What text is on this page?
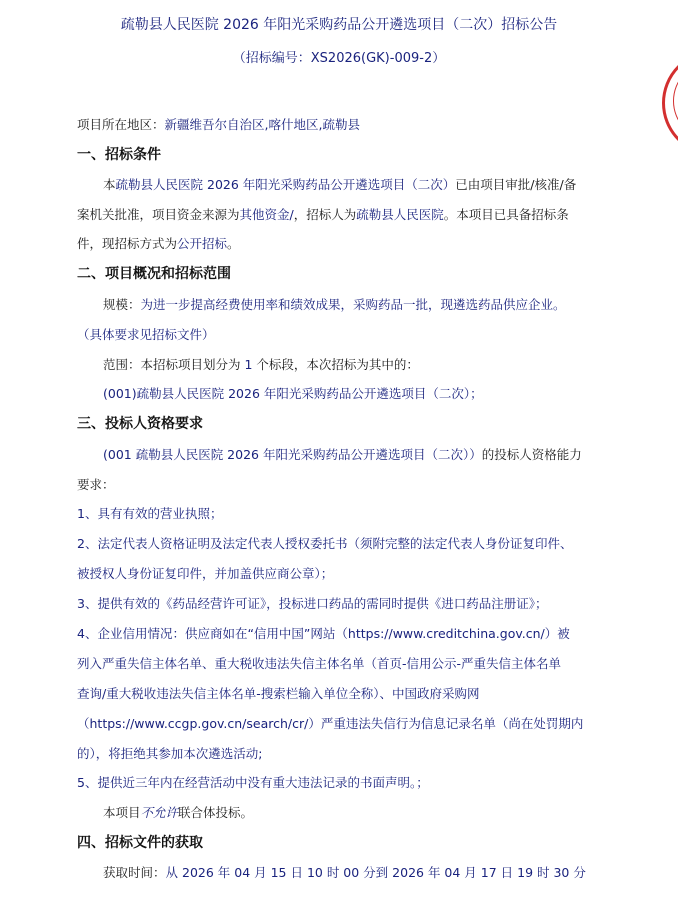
疏勒县人民医院 2026 年阳光采购药品公开遴选项目（二次）招标公告
（招标编号：XS2026(GK)-009-2）
项目所在地区：新疆维吾尔自治区,喀什地区,疏勒县
一、招标条件
本疏勒县人民医院 2026 年阳光采购药品公开遴选项目（二次）已由项目审批/核准/备
案机关批准，项目资金来源为其他资金/，招标人为疏勒县人民医院。本项目已具备招标条
件，现招标方式为公开招标。
二、项目概况和招标范围
规模：为进一步提高经费使用率和绩效成果，采购药品一批，现遴选药品供应企业。
（具体要求见招标文件）
范围：本招标项目划分为 1 个标段，本次招标为其中的：
(001)疏勒县人民医院 2026 年阳光采购药品公开遴选项目（二次）；
三、投标人资格要求
(001 疏勒县人民医院 2026 年阳光采购药品公开遴选项目（二次））的投标人资格能力
要求：
1、具有有效的营业执照；
2、法定代表人资格证明及法定代表人授权委托书（须附完整的法定代表人身份证复印件、
被授权人身份证复印件，并加盖供应商公章）；
3、提供有效的《药品经营许可证》，投标进口药品的需同时提供《进口药品注册证》；
4、企业信用情况：供应商如在“信用中国”网站（https://www.creditchina.gov.cn/）被
列入严重失信主体名单、重大税收违法失信主体名单（首页-信用公示-严重失信主体名单
查询/重大税收违法失信主体名单-搜索栏输入单位全称）、中国政府采购网
（https://www.ccgp.gov.cn/search/cr/）严重违法失信行为信息记录名单（尚在处罚期内
的），将拒绝其参加本次遴选活动;
5、提供近三年内在经营活动中没有重大违法记录的书面声明。；
本项目不允许联合体投标。
四、招标文件的获取
获取时间：从 2026 年 04 月 15 日 10 时 00 分到 2026 年 04 月 17 日 19 时 30 分
